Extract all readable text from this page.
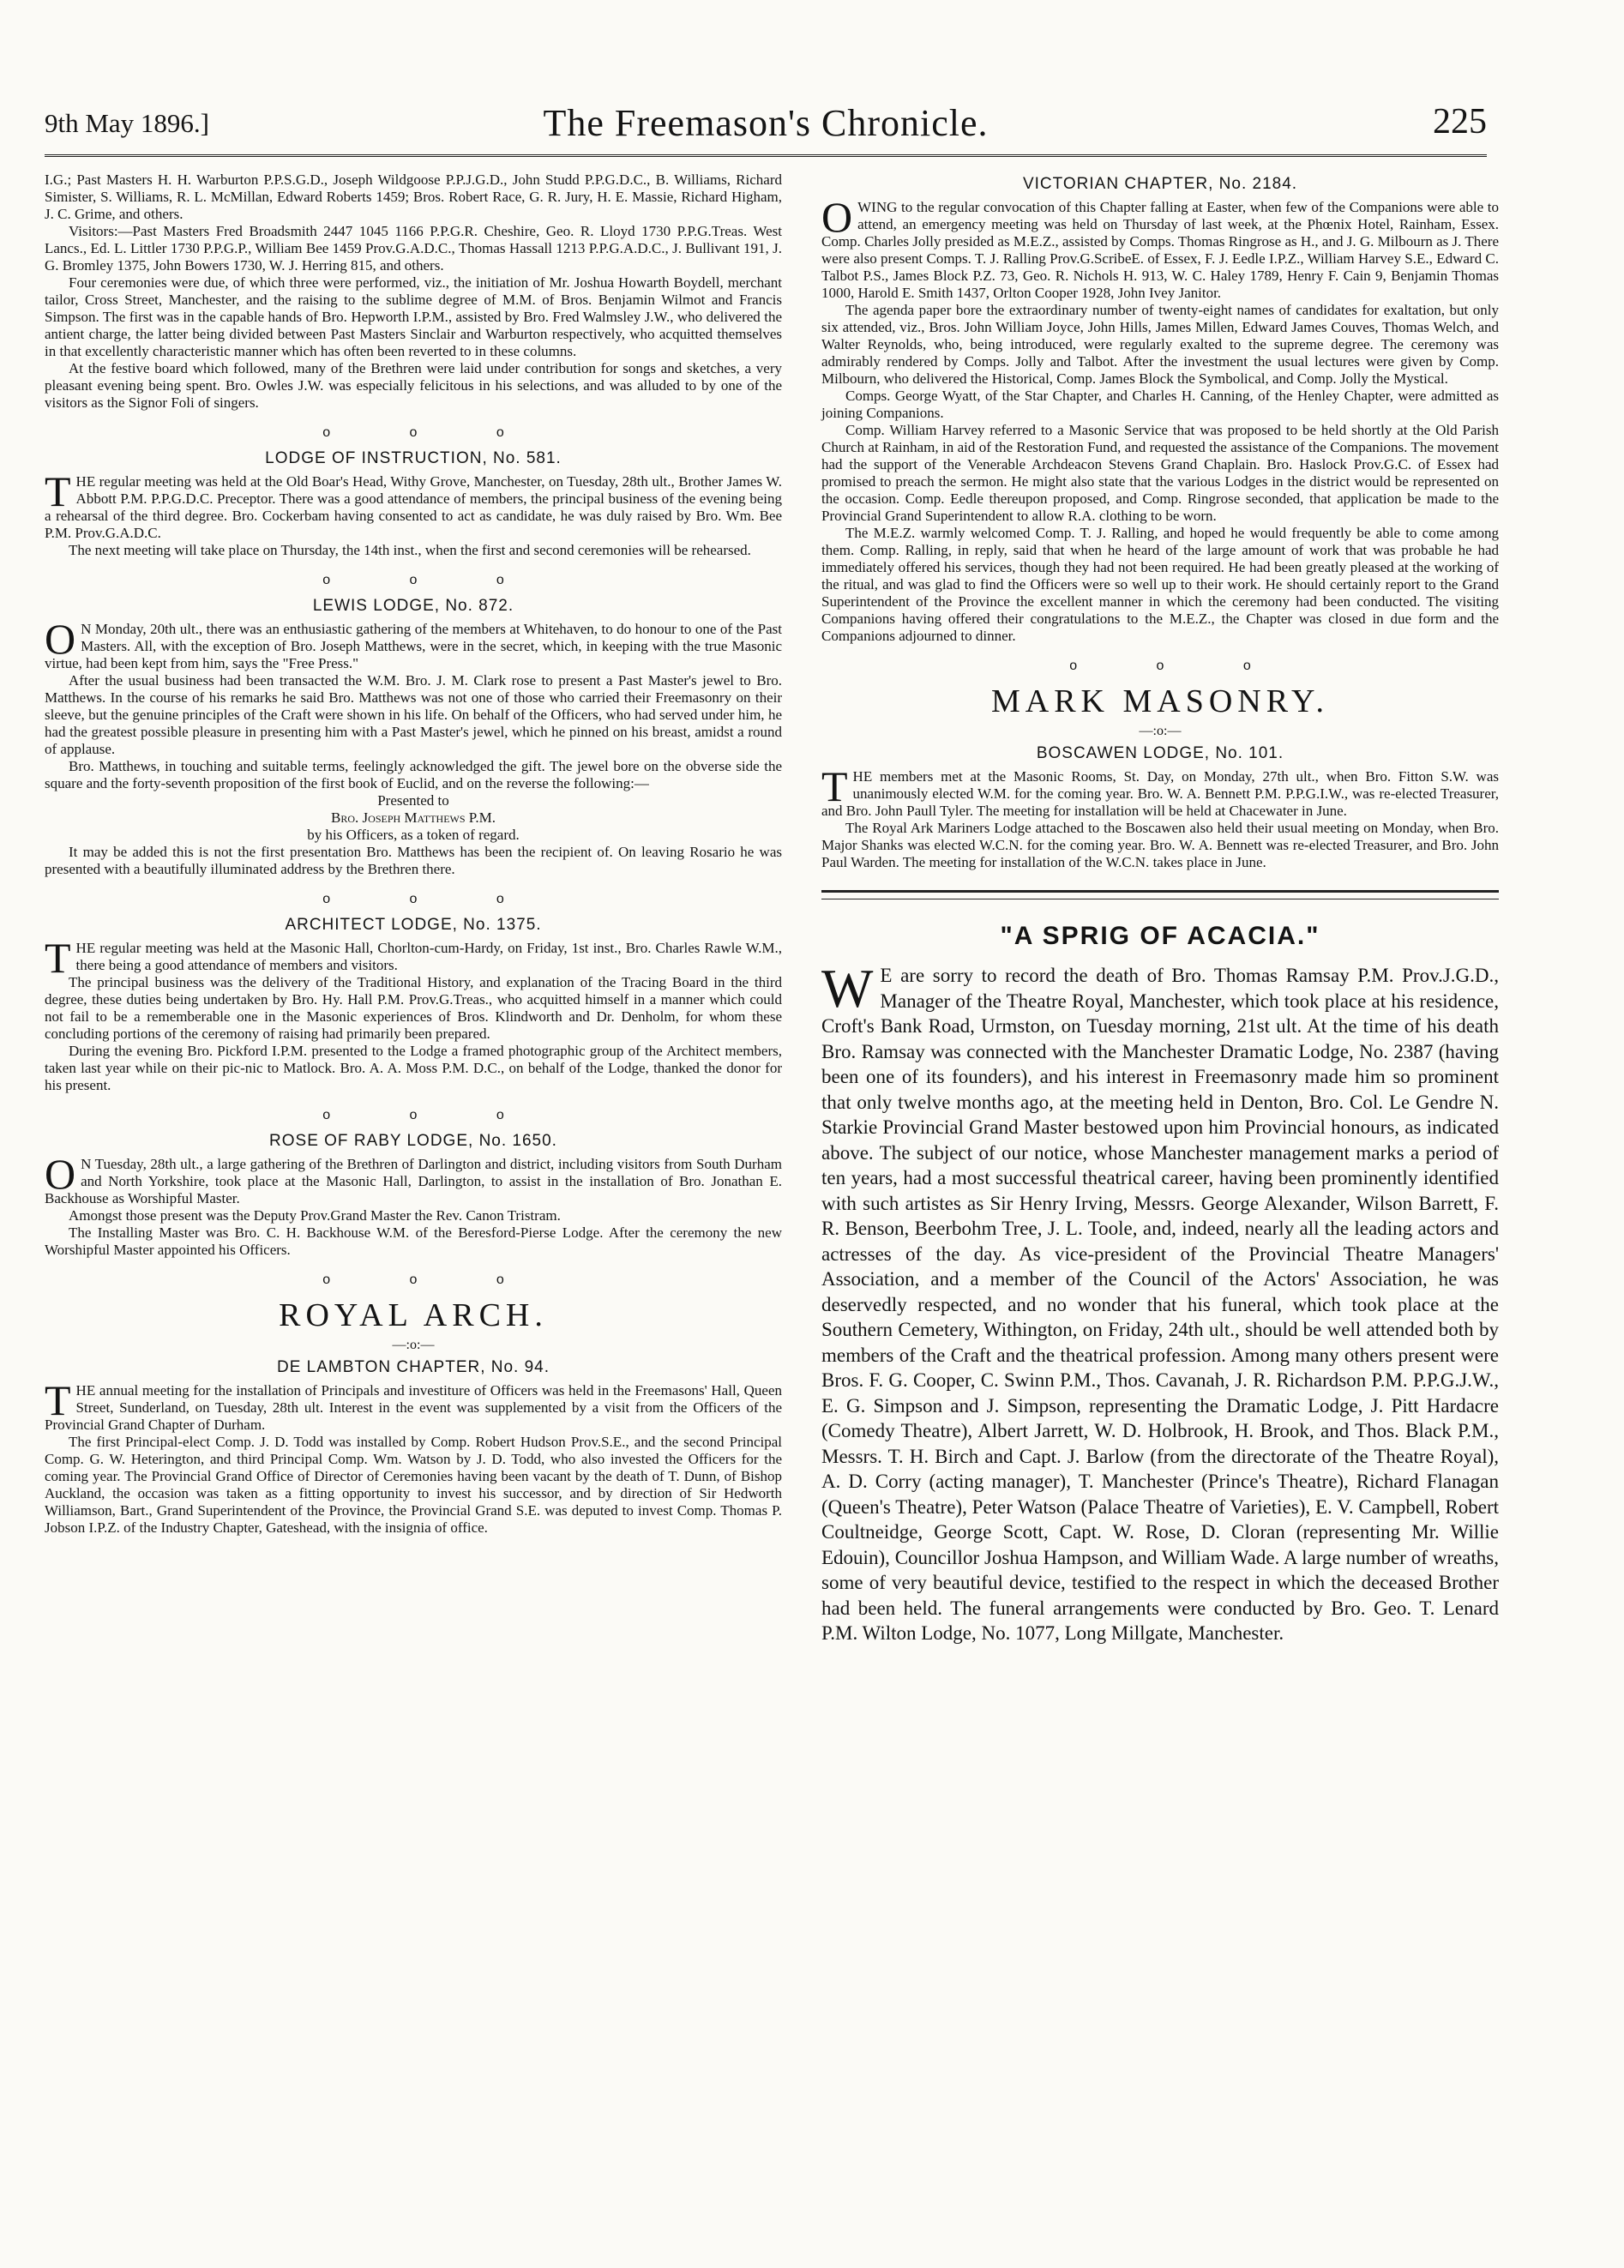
9th May 1896.]	The Freemason's Chronicle.	225

I.G.; Past Masters H. H. Warburton P.P.S.G.D., Joseph Wildgoose P.P.J.G.D., John Studd P.P.G.D.C., B. Williams, Richard Simister, S. Williams, R. L. McMillan, Edward Roberts 1459; Bros. Robert Race, G. R. Jury, H. E. Massie, Richard Higham, J. C. Grime, and others.

Visitors:—Past Masters Fred Broadsmith 2447 1045 1166 P.P.G.R. Cheshire, Geo. R. Lloyd 1730 P.P.G.Treas. West Lancs., Ed. L. Littler 1730 P.P.G.P., William Bee 1459 Prov.G.A.D.C., Thomas Hassall 1213 P.P.G.A.D.C., J. Bullivant 191, J. G. Bromley 1375, John Bowers 1730, W. J. Herring 815, and others.

Four ceremonies were due, of which three were performed, viz., the initiation of Mr. Joshua Howarth Boydell, merchant tailor, Cross Street, Manchester, and the raising to the sublime degree of M.M. of Bros. Benjamin Wilmot and Francis Simpson. The first was in the capable hands of Bro. Hepworth I.P.M., assisted by Bro. Fred Walmsley J.W., who delivered the antient charge, the latter being divided between Past Masters Sinclair and Warburton respectively, who acquitted themselves in that excellently characteristic manner which has often been reverted to in these columns.

At the festive board which followed, many of the Brethren were laid under contribution for songs and sketches, a very pleasant evening being spent. Bro. Owles J.W. was especially felicitous in his selections, and was alluded to by one of the visitors as the Signor Foli of singers.

o o o
LODGE OF INSTRUCTION, No. 581.

THE regular meeting was held at the Old Boar's Head, Withy Grove, Manchester, on Tuesday, 28th ult., Brother James W. Abbott P.M. P.P.G.D.C. Preceptor. There was a good attendance of members, the principal business of the evening being a rehearsal of the third degree. Bro. Cockerbam having consented to act as candidate, he was duly raised by Bro. Wm. Bee P.M. Prov.G.A.D.C.

The next meeting will take place on Thursday, the 14th inst., when the first and second ceremonies will be rehearsed.

o o o
LEWIS LODGE, No. 872.

O N Monday, 20th ult., there was an enthusiastic gathering of the members at Whitehaven, to do honour to one of the Past Masters. All, with the exception of Bro. Joseph Matthews, were in the secret, which, in keeping with the true Masonic virtue, had been kept from him, says the "Free Press."

After the usual business had been transacted the W.M. Bro. J. M. Clark rose to present a Past Master's jewel to Bro. Matthews. In the course of his remarks he said Bro. Matthews was not one of those who carried their Freemasonry on their sleeve, but the genuine principles of the Craft were shown in his life. On behalf of the Officers, who had served under him, he had the greatest possible pleasure in presenting him with a Past Master's jewel, which he pinned on his breast, amidst a round of applause.

Bro. Matthews, in touching and suitable terms, feelingly acknowledged the gift. The jewel bore on the obverse side the square and the forty-seventh proposition of the first book of Euclid, and on the reverse the following:—

Presented to

Bro. Joseph Matthews P.M.

by his Officers, as a token of regard.

It may be added this is not the first presentation Bro. Matthews has been the recipient of. On leaving Rosario he was presented with a beautifully illuminated address by the Brethren there.

o o o
ARCHITECT LODGE, No. 1375.

THE regular meeting was held at the Masonic Hall, Chorlton-cum-Hardy, on Friday, 1st inst., Bro. Charles Rawle W.M., there being a good attendance of members and visitors.

The principal business was the delivery of the Traditional History, and explanation of the Tracing Board in the third degree, these duties being undertaken by Bro. Hy. Hall P.M. Prov.G.Treas., who acquitted himself in a manner which could not fail to be a rememberable one in the Masonic experiences of Bros. Klindworth and Dr. Denholm, for whom these concluding portions of the ceremony of raising had primarily been prepared.

During the evening Bro. Pickford I.P.M. presented to the Lodge a framed photographic group of the Architect members, taken last year while on their pic-nic to Matlock. Bro. A. A. Moss P.M. D.C., on behalf of the Lodge, thanked the donor for his present.

o o o
ROSE OF RABY LODGE, No. 1650.

O N Tuesday, 28th ult., a large gathering of the Brethren of Darlington and district, including visitors from South Durham and North Yorkshire, took place at the Masonic Hall, Darlington, to assist in the installation of Bro. Jonathan E. Backhouse as Worshipful Master.

Amongst those present was the Deputy Prov.Grand Master the Rev. Canon Tristram.

The Installing Master was Bro. C. H. Backhouse W.M. of the Beresford-Pierse Lodge. After the ceremony the new Worshipful Master appointed his Officers.

o o o
ROYAL ARCH.
—:o:—
DE LAMBTON CHAPTER, No. 94.

THE annual meeting for the installation of Principals and investiture of Officers was held in the Freemasons' Hall, Queen Street, Sunderland, on Tuesday, 28th ult. Interest in the event was supplemented by a visit from the Officers of the Provincial Grand Chapter of Durham.

The first Principal-elect Comp. J. D. Todd was installed by Comp. Robert Hudson Prov.S.E., and the second Principal Comp. G. W. Heterington, and third Principal Comp. Wm. Watson by J. D. Todd, who also invested the Officers for the coming year. The Provincial Grand Office of Director of Ceremonies having been vacant by the death of T. Dunn, of Bishop Auckland, the occasion was taken as a fitting opportunity to invest his successor, and by direction of Sir Hedworth Williamson, Bart., Grand Superintendent of the Province, the Provincial Grand S.E. was deputed to invest Comp. Thomas P. Jobson I.P.Z. of the Industry Chapter, Gateshead, with the insignia of office.

VICTORIAN CHAPTER, No. 2184.

OWING to the regular convocation of this Chapter falling at Easter, when few of the Companions were able to attend, an emergency meeting was held on Thursday of last week, at the Phœnix Hotel, Rainham, Essex. Comp. Charles Jolly presided as M.E.Z., assisted by Comps. Thomas Ringrose as H., and J. G. Milbourn as J. There were also present Comps. T. J. Ralling Prov.G.ScribeE. of Essex, F. J. Eedle I.P.Z., William Harvey S.E., Edward C. Talbot P.S., James Block P.Z. 73, Geo. R. Nichols H. 913, W. C. Haley 1789, Henry F. Cain 9, Benjamin Thomas 1000, Harold E. Smith 1437, Orlton Cooper 1928, John Ivey Janitor.

The agenda paper bore the extraordinary number of twenty-eight names of candidates for exaltation, but only six attended, viz., Bros. John William Joyce, John Hills, James Millen, Edward James Couves, Thomas Welch, and Walter Reynolds, who, being introduced, were regularly exalted to the supreme degree. The ceremony was admirably rendered by Comps. Jolly and Talbot. After the investment the usual lectures were given by Comp. Milbourn, who delivered the Historical, Comp. James Block the Symbolical, and Comp. Jolly the Mystical.

Comps. George Wyatt, of the Star Chapter, and Charles H. Canning, of the Henley Chapter, were admitted as joining Companions.

Comp. William Harvey referred to a Masonic Service that was proposed to be held shortly at the Old Parish Church at Rainham, in aid of the Restoration Fund, and requested the assistance of the Companions. The movement had the support of the Venerable Archdeacon Stevens Grand Chaplain. Bro. Haslock Prov.G.C. of Essex had promised to preach the sermon. He might also state that the various Lodges in the district would be represented on the occasion. Comp. Eedle thereupon proposed, and Comp. Ringrose seconded, that application be made to the Provincial Grand Superintendent to allow R.A. clothing to be worn.

The M.E.Z. warmly welcomed Comp. T. J. Ralling, and hoped he would frequently be able to come among them. Comp. Ralling, in reply, said that when he heard of the large amount of work that was probable he had immediately offered his services, though they had not been required. He had been greatly pleased at the working of the ritual, and was glad to find the Officers were so well up to their work. He should certainly report to the Grand Superintendent of the Province the excellent manner in which the ceremony had been conducted. The visiting Companions having offered their congratulations to the M.E.Z., the Chapter was closed in due form and the Companions adjourned to dinner.

o o o
MARK MASONRY.
—:o:—
BOSCAWEN LODGE, No. 101.

THE members met at the Masonic Rooms, St. Day, on Monday, 27th ult., when Bro. Fitton S.W. was unanimously elected W.M. for the coming year. Bro. W. A. Bennett P.M. P.P.G.I.W., was re-elected Treasurer, and Bro. John Paull Tyler. The meeting for installation will be held at Chacewater in June.

The Royal Ark Mariners Lodge attached to the Boscawen also held their usual meeting on Monday, when Bro. Major Shanks was elected W.C.N. for the coming year. Bro. W. A. Bennett was re-elected Treasurer, and Bro. John Paul Warden. The meeting for installation of the W.C.N. takes place in June.

"A SPRIG OF ACACIA."

W E are sorry to record the death of Bro. Thomas Ramsay P.M. Prov.J.G.D., Manager of the Theatre Royal, Manchester, which took place at his residence, Croft's Bank Road, Urmston, on Tuesday morning, 21st ult. At the time of his death Bro. Ramsay was connected with the Manchester Dramatic Lodge, No. 2387 (having been one of its founders), and his interest in Freemasonry made him so prominent that only twelve months ago, at the meeting held in Denton, Bro. Col. Le Gendre N. Starkie Provincial Grand Master bestowed upon him Provincial honours, as indicated above. The subject of our notice, whose Manchester management marks a period of ten years, had a most successful theatrical career, having been prominently identified with such artistes as Sir Henry Irving, Messrs. George Alexander, Wilson Barrett, F. R. Benson, Beerbohm Tree, J. L. Toole, and, indeed, nearly all the leading actors and actresses of the day. As vice-president of the Provincial Theatre Managers' Association, and a member of the Council of the Actors' Association, he was deservedly respected, and no wonder that his funeral, which took place at the Southern Cemetery, Withington, on Friday, 24th ult., should be well attended both by members of the Craft and the theatrical profession. Among many others present were Bros. F. G. Cooper, C. Swinn P.M., Thos. Cavanah, J. R. Richardson P.M. P.P.G.J.W., E. G. Simpson and J. Simpson, representing the Dramatic Lodge, J. Pitt Hardacre (Comedy Theatre), Albert Jarrett, W. D. Holbrook, H. Brook, and Thos. Black P.M., Messrs. T. H. Birch and Capt. J. Barlow (from the directorate of the Theatre Royal), A. D. Corry (acting manager), T. Manchester (Prince's Theatre), Richard Flanagan (Queen's Theatre), Peter Watson (Palace Theatre of Varieties), E. V. Campbell, Robert Coultneidge, George Scott, Capt. W. Rose, D. Cloran (representing Mr. Willie Edouin), Councillor Joshua Hampson, and William Wade. A large number of wreaths, some of very beautiful device, testified to the respect in which the deceased Brother had been held. The funeral arrangements were conducted by Bro. Geo. T. Lenard P.M. Wilton Lodge, No. 1077, Long Millgate, Manchester.
